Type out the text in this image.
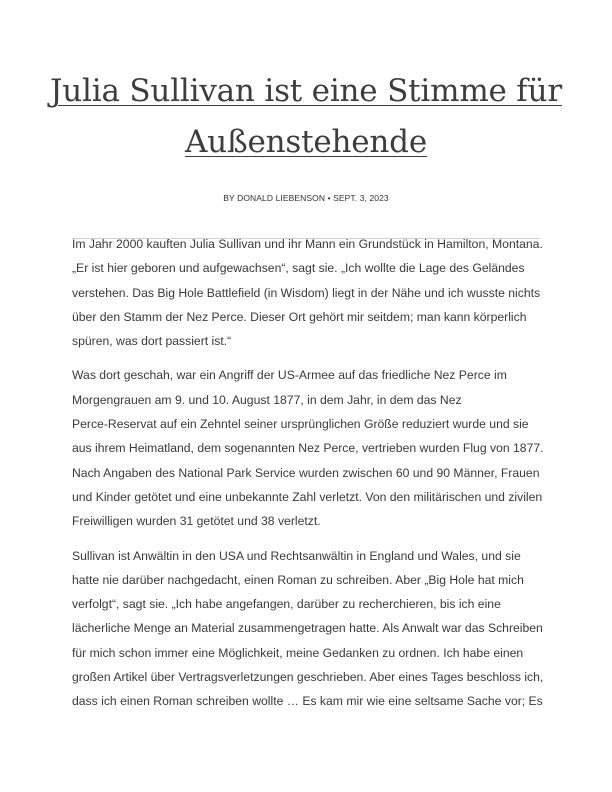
Julia Sullivan ist eine Stimme für
Außenstehende
BY DONALD LIEBENSON • SEPT. 3, 2023

Im Jahr 2000 kauften Julia Sullivan und ihr Mann ein Grundstück in Hamilton, Montana.
„Er ist hier geboren und aufgewachsen“, sagt sie. „Ich wollte die Lage des Geländes
verstehen. Das Big Hole Battlefield (in Wisdom) liegt in der Nähe und ich wusste nichts
über den Stamm der Nez Perce. Dieser Ort gehört mir seitdem; man kann körperlich
spüren, was dort passiert ist.“

Was dort geschah, war ein Angriff der US-Armee auf das friedliche Nez Perce im
Morgengrauen am 9. und 10. August 1877, in dem Jahr, in dem das Nez
Perce-Reservat auf ein Zehntel seiner ursprünglichen Größe reduziert wurde und sie
aus ihrem Heimatland, dem sogenannten Nez Perce, vertrieben wurden Flug von 1877.
Nach Angaben des National Park Service wurden zwischen 60 und 90 Männer, Frauen
und Kinder getötet und eine unbekannte Zahl verletzt. Von den militärischen und zivilen
Freiwilligen wurden 31 getötet und 38 verletzt.

Sullivan ist Anwältin in den USA und Rechtsanwältin in England und Wales, und sie
hatte nie darüber nachgedacht, einen Roman zu schreiben. Aber „Big Hole hat mich
verfolgt“, sagt sie. „Ich habe angefangen, darüber zu recherchieren, bis ich eine
lächerliche Menge an Material zusammengetragen hatte. Als Anwalt war das Schreiben
für mich schon immer eine Möglichkeit, meine Gedanken zu ordnen. Ich habe einen
großen Artikel über Vertragsverletzungen geschrieben. Aber eines Tages beschloss ich,
dass ich einen Roman schreiben wollte … Es kam mir wie eine seltsame Sache vor; Es
